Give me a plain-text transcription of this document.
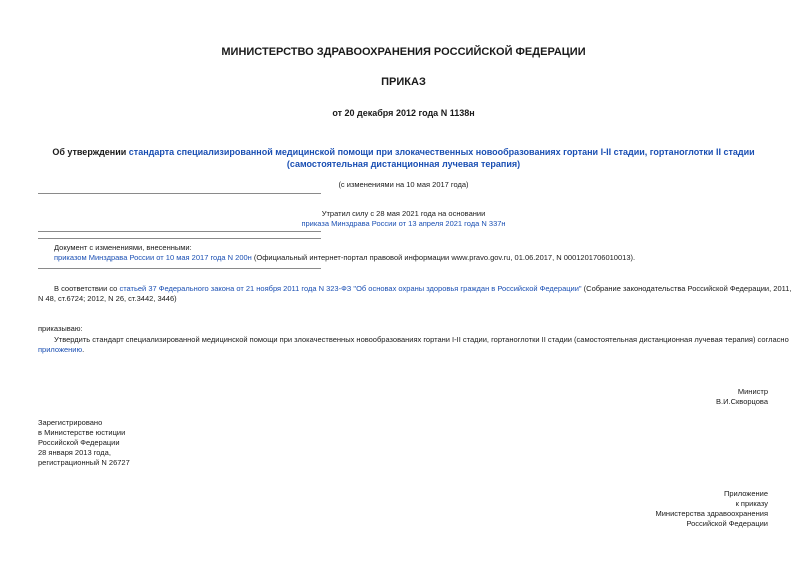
МИНИСТЕРСТВО ЗДРАВООХРАНЕНИЯ РОССИЙСКОЙ ФЕДЕРАЦИИ
ПРИКАЗ
от 20 декабря 2012 года N 1138н
Об утверждении стандарта специализированной медицинской помощи при злокачественных новообразованиях гортани I-II стадии, гортаноглотки II стадии
(самостоятельная дистанционная лучевая терапия)
(с изменениями на 10 мая 2017 года)
Утратил силу с 28 мая 2021 года на основании
приказа Минздрава России от 13 апреля 2021 года N 337н
Документ с изменениями, внесенными:
приказом Минздрава России от 10 мая 2017 года N 200н (Официальный интернет-портал правовой информации www.pravo.gov.ru, 01.06.2017, N 0001201706010013).
В соответствии со статьей 37 Федерального закона от 21 ноября 2011 года N 323-ФЗ "Об основах охраны здоровья граждан в Российской Федерации" (Собрание законодательства Российской Федерации, 2011,
N 48, ст.6724; 2012, N 26, ст.3442, 3446)
приказываю:
Утвердить стандарт специализированной медицинской помощи при злокачественных новообразованиях гортани I-II стадии, гортаноглотки II стадии (самостоятельная дистанционная лучевая терапия) согласно
приложению.
Министр
В.И.Скворцова
Зарегистрировано
в Министерстве юстиции
Российской Федерации
28 января 2013 года,
регистрационный N 26727
Приложение
к приказу
Министерства здравоохранения
Российской Федерации
